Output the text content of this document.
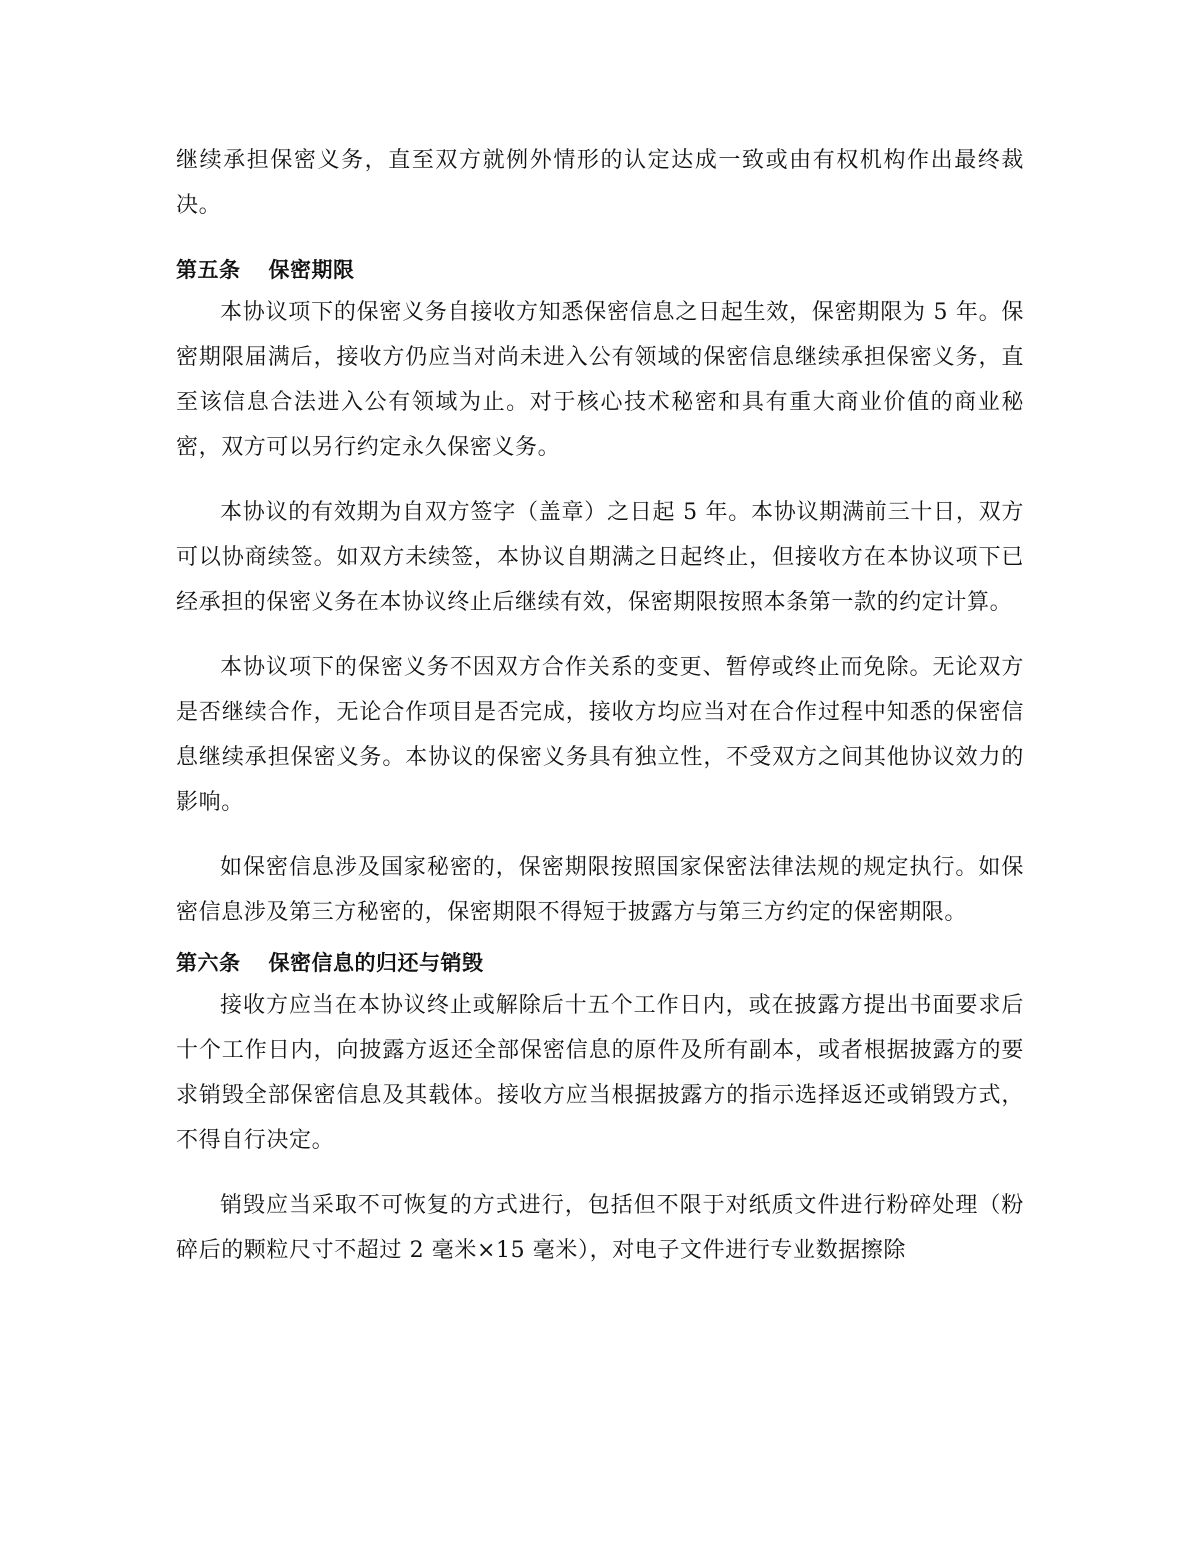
继续承担保密义务，直至双方就例外情形的认定达成一致或由有权机构作出最终裁决。

第五条 保密期限

本协议项下的保密义务自接收方知悉保密信息之日起生效，保密期限为 5 年。保密期限届满后，接收方仍应当对尚未进入公有领域的保密信息继续承担保密义务，直至该信息合法进入公有领域为止。对于核心技术秘密和具有重大商业价值的商业秘密，双方可以另行约定永久保密义务。

本协议的有效期为自双方签字（盖章）之日起 5 年。本协议期满前三十日，双方可以协商续签。如双方未续签，本协议自期满之日起终止，但接收方在本协议项下已经承担的保密义务在本协议终止后继续有效，保密期限按照本条第一款的约定计算。

本协议项下的保密义务不因双方合作关系的变更、暂停或终止而免除。无论双方是否继续合作，无论合作项目是否完成，接收方均应当对在合作过程中知悉的保密信息继续承担保密义务。本协议的保密义务具有独立性，不受双方之间其他协议效力的影响。

如保密信息涉及国家秘密的，保密期限按照国家保密法律法规的规定执行。如保密信息涉及第三方秘密的，保密期限不得短于披露方与第三方约定的保密期限。

第六条 保密信息的归还与销毁

接收方应当在本协议终止或解除后十五个工作日内，或在披露方提出书面要求后十个工作日内，向披露方返还全部保密信息的原件及所有副本，或者根据披露方的要求销毁全部保密信息及其载体。接收方应当根据披露方的指示选择返还或销毁方式，不得自行决定。

销毁应当采取不可恢复的方式进行，包括但不限于对纸质文件进行粉碎处理（粉碎后的颗粒尺寸不超过 2 毫米×15 毫米），对电子文件进行专业数据擦除
